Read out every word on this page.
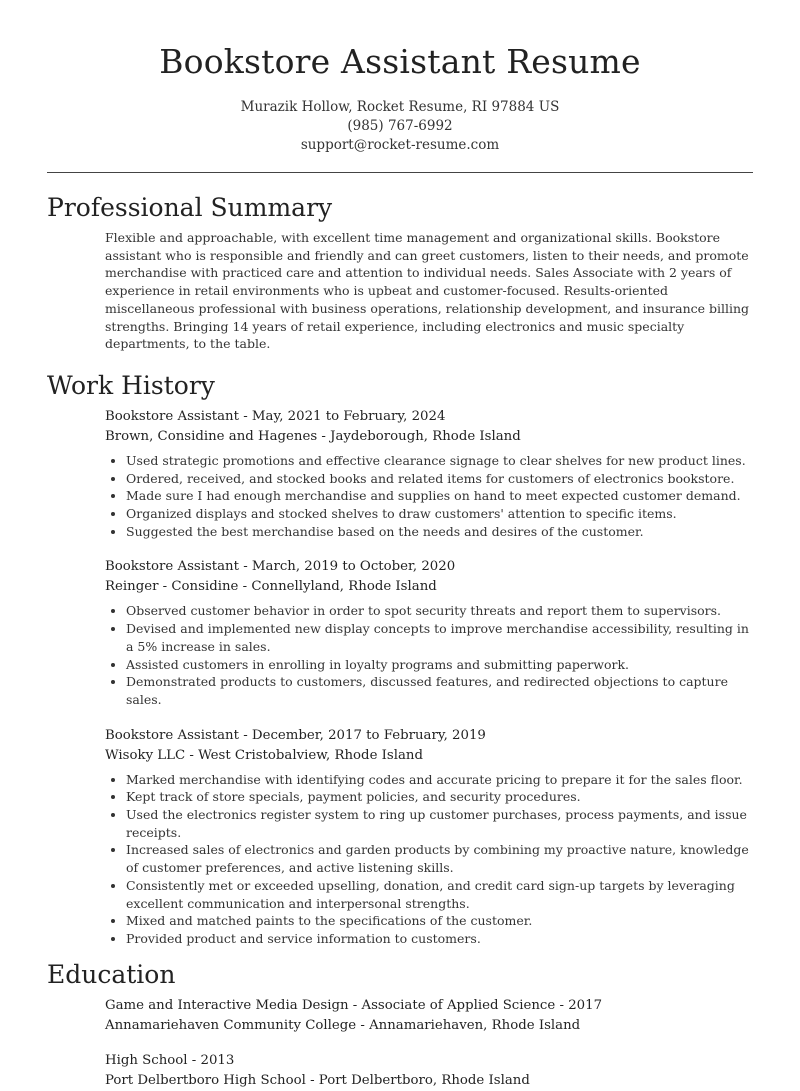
Bookstore Assistant Resume
Murazik Hollow, Rocket Resume, RI 97884 US
(985) 767-6992
support@rocket-resume.com
Professional Summary

Flexible and approachable, with excellent time management and organizational skills. Bookstore assistant who is responsible and friendly and can greet customers, listen to their needs, and promote merchandise with practiced care and attention to individual needs. Sales Associate with 2 years of experience in retail environments who is upbeat and customer-focused. Results-oriented miscellaneous professional with business operations, relationship development, and insurance billing strengths. Bringing 14 years of retail experience, including electronics and music specialty departments, to the table.

Work History
Bookstore Assistant - May, 2021 to February, 2024
Brown, Considine and Hagenes - Jaydeborough, Rhode Island
• Used strategic promotions and effective clearance signage to clear shelves for new product lines.
• Ordered, received, and stocked books and related items for customers of electronics bookstore.
• Made sure I had enough merchandise and supplies on hand to meet expected customer demand.
• Organized displays and stocked shelves to draw customers' attention to specific items.
• Suggested the best merchandise based on the needs and desires of the customer.
Bookstore Assistant - March, 2019 to October, 2020
Reinger - Considine - Connellyland, Rhode Island
• Observed customer behavior in order to spot security threats and report them to supervisors.
• Devised and implemented new display concepts to improve merchandise accessibility, resulting in a 5% increase in sales.
• Assisted customers in enrolling in loyalty programs and submitting paperwork.
• Demonstrated products to customers, discussed features, and redirected objections to capture sales.
Bookstore Assistant - December, 2017 to February, 2019
Wisoky LLC - West Cristobalview, Rhode Island
• Marked merchandise with identifying codes and accurate pricing to prepare it for the sales floor.
• Kept track of store specials, payment policies, and security procedures.
• Used the electronics register system to ring up customer purchases, process payments, and issue receipts.
• Increased sales of electronics and garden products by combining my proactive nature, knowledge of customer preferences, and active listening skills.
• Consistently met or exceeded upselling, donation, and credit card sign-up targets by leveraging excellent communication and interpersonal strengths.
• Mixed and matched paints to the specifications of the customer.
• Provided product and service information to customers.
Education
Game and Interactive Media Design - Associate of Applied Science - 2017
Annamariehaven Community College - Annamariehaven, Rhode Island
High School - 2013
Port Delbertboro High School - Port Delbertboro, Rhode Island
